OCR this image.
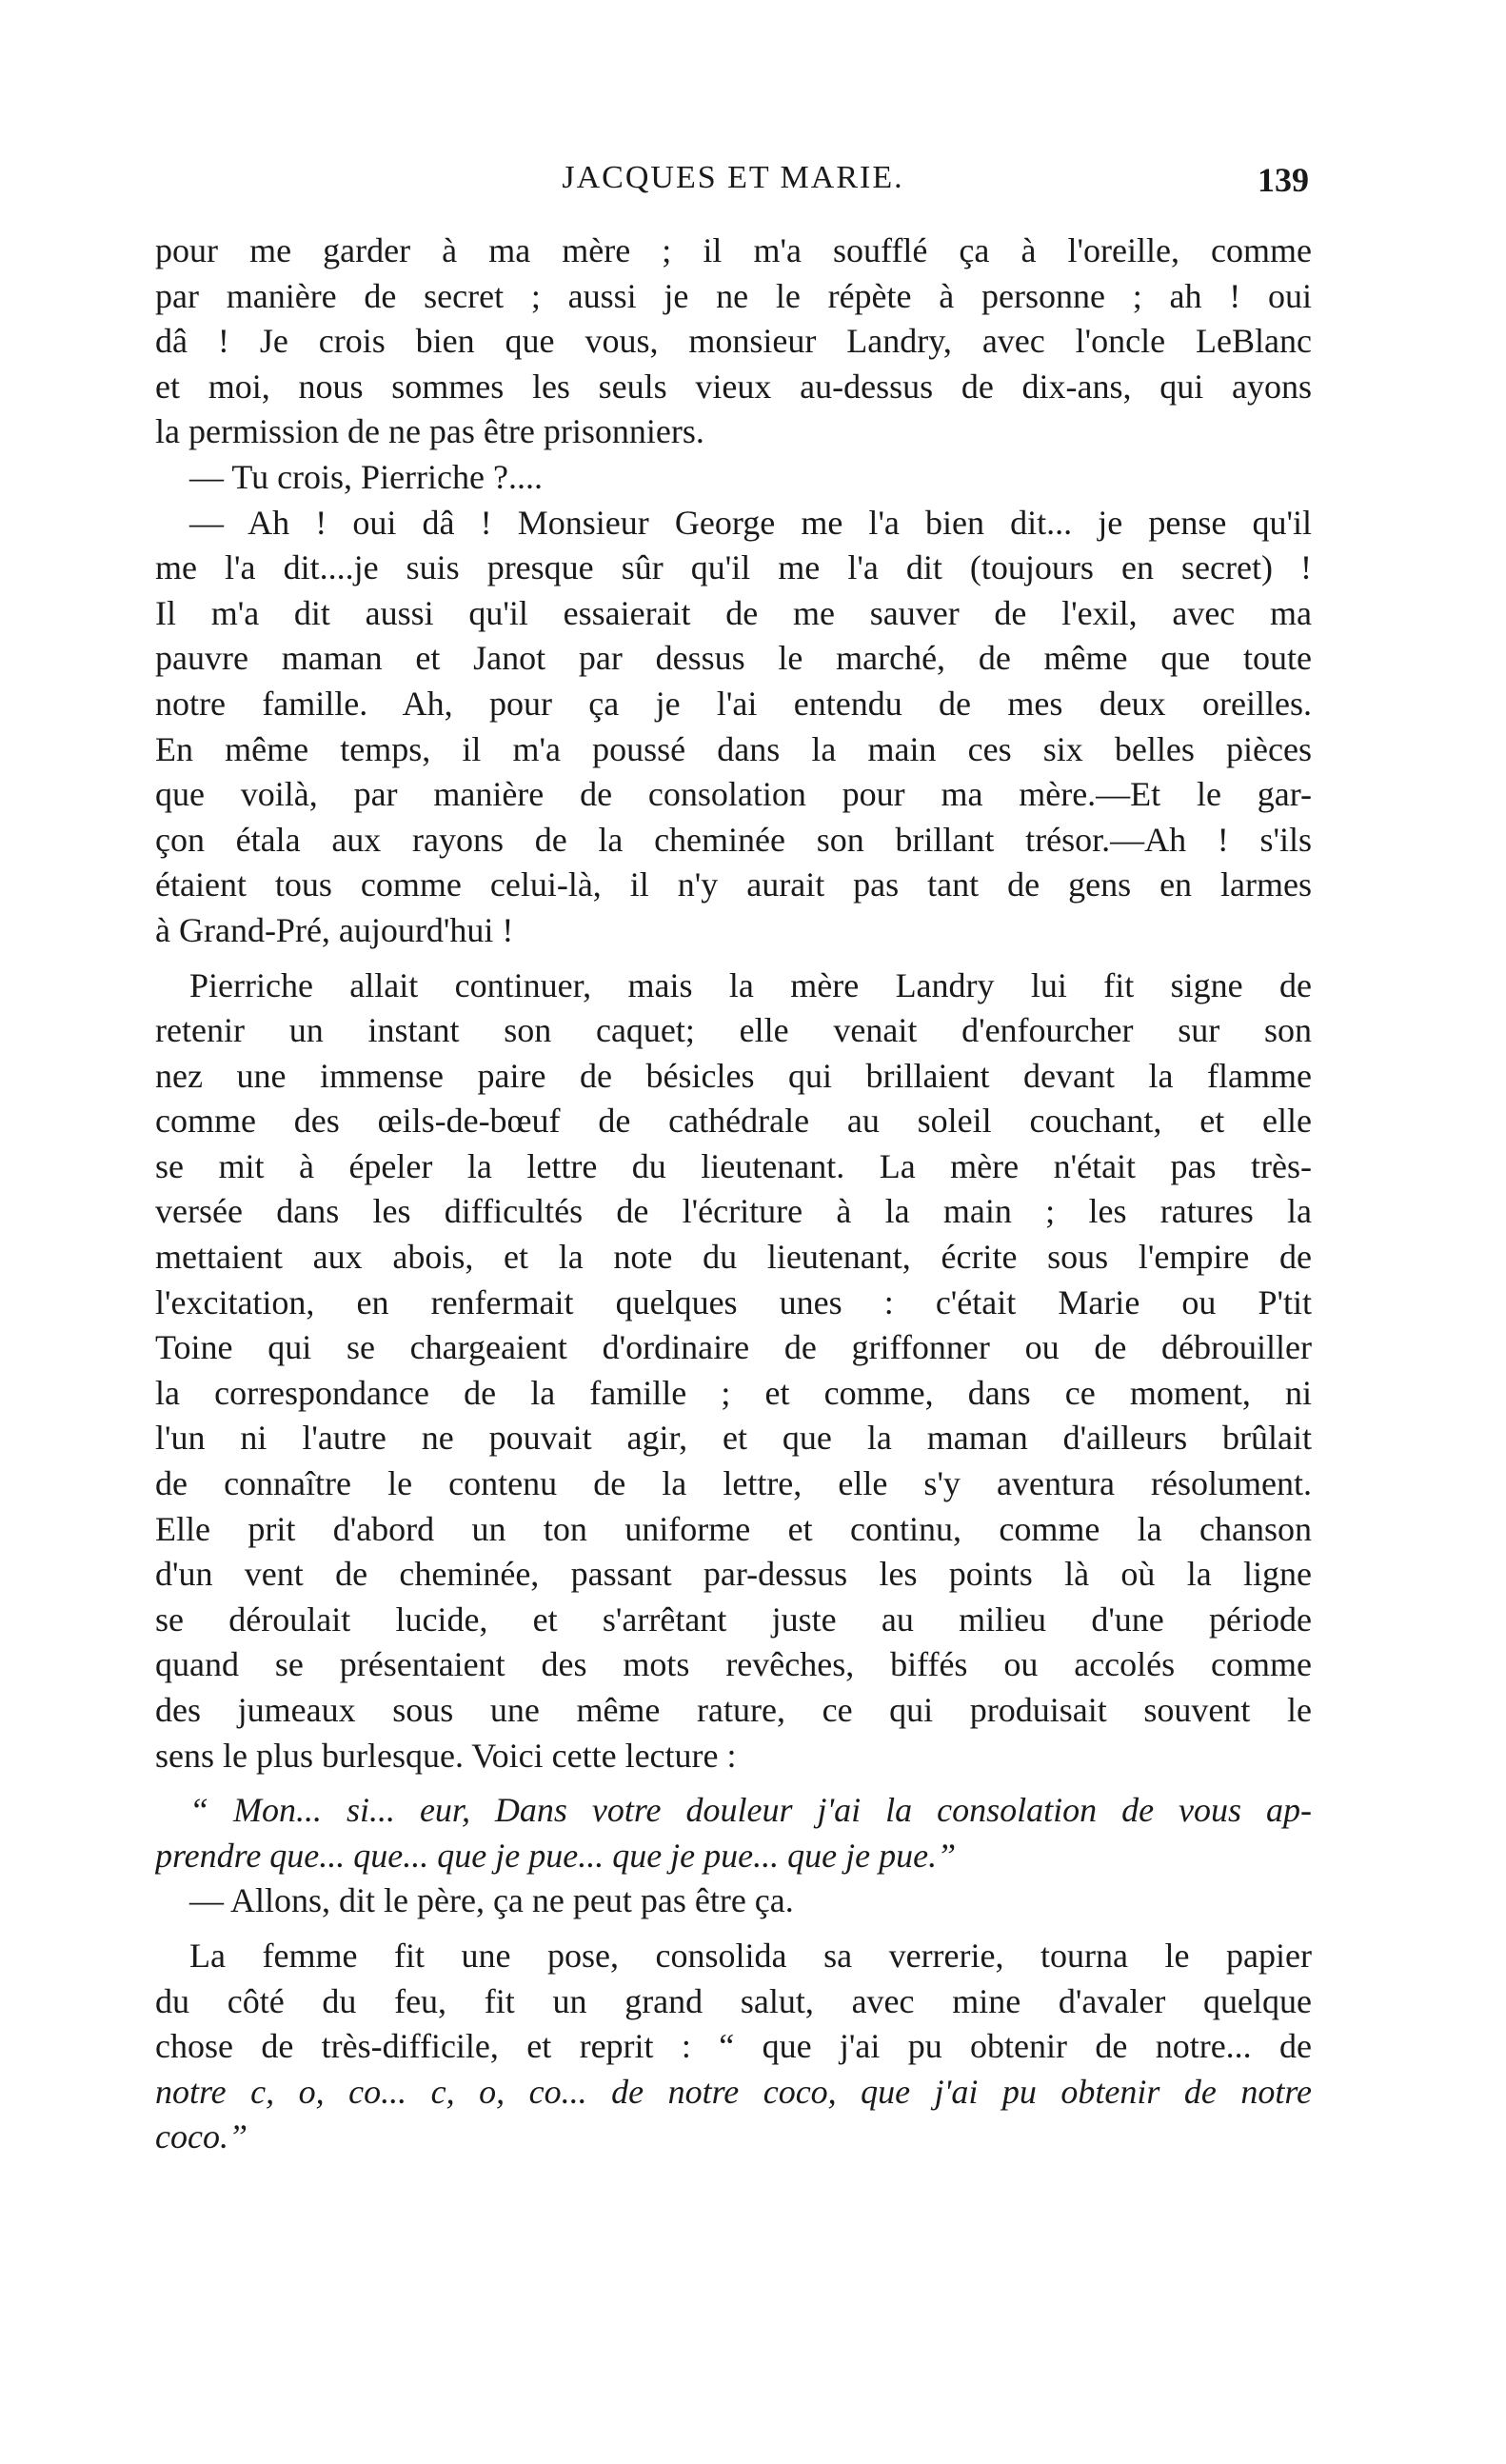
JACQUES ET MARIE.	139
pour me garder à ma mère ; il m'a soufflé ça à l'oreille, comme
par manière de secret ; aussi je ne le répète à personne ; ah ! oui
dâ ! Je crois bien que vous, monsieur Landry, avec l'oncle LeBlanc
et moi, nous sommes les seuls vieux au-dessus de dix-ans, qui ayons
la permission de ne pas être prisonniers.
— Tu crois, Pierriche ?....
— Ah ! oui dâ ! Monsieur George me l'a bien dit... je pense qu'il
me l'a dit....je suis presque sûr qu'il me l'a dit (toujours en secret) !
Il m'a dit aussi qu'il essaierait de me sauver de l'exil, avec ma
pauvre maman et Janot par dessus le marché, de même que toute
notre famille. Ah, pour ça je l'ai entendu de mes deux oreilles.
En même temps, il m'a poussé dans la main ces six belles pièces
que voilà, par manière de consolation pour ma mère.—Et le gar-
çon étala aux rayons de la cheminée son brillant trésor.—Ah ! s'ils
étaient tous comme celui-là, il n'y aurait pas tant de gens en larmes
à Grand-Pré, aujourd'hui !
Pierriche allait continuer, mais la mère Landry lui fit signe de
retenir un instant son caquet; elle venait d'enfourcher sur son
nez une immense paire de bésicles qui brillaient devant la flamme
comme des œils-de-bœuf de cathédrale au soleil couchant, et elle
se mit à épeler la lettre du lieutenant. La mère n'était pas très-
versée dans les difficultés de l'écriture à la main ; les ratures la
mettaient aux abois, et la note du lieutenant, écrite sous l'empire de
l'excitation, en renfermait quelques unes : c'était Marie ou P'tit
Toine qui se chargeaient d'ordinaire de griffonner ou de débrouiller
la correspondance de la famille ; et comme, dans ce moment, ni
l'un ni l'autre ne pouvait agir, et que la maman d'ailleurs brûlait
de connaître le contenu de la lettre, elle s'y aventura résolument.
Elle prit d'abord un ton uniforme et continu, comme la chanson
d'un vent de cheminée, passant par-dessus les points là où la ligne
se déroulait lucide, et s'arrêtant juste au milieu d'une période
quand se présentaient des mots revêches, biffés ou accolés comme
des jumeaux sous une même rature, ce qui produisait souvent le
sens le plus burlesque. Voici cette lecture :
“ Mon... si... eur, Dans votre douleur j'ai la consolation de vous ap-
prendre que... que... que je pue... que je pue... que je pue.”
— Allons, dit le père, ça ne peut pas être ça.
La femme fit une pose, consolida sa verrerie, tourna le papier
du côté du feu, fit un grand salut, avec mine d'avaler quelque
chose de très-difficile, et reprit : “ que j'ai pu obtenir de notre... de
notre c, o, co... c, o, co... de notre coco, que j'ai pu obtenir de notre
coco.”
